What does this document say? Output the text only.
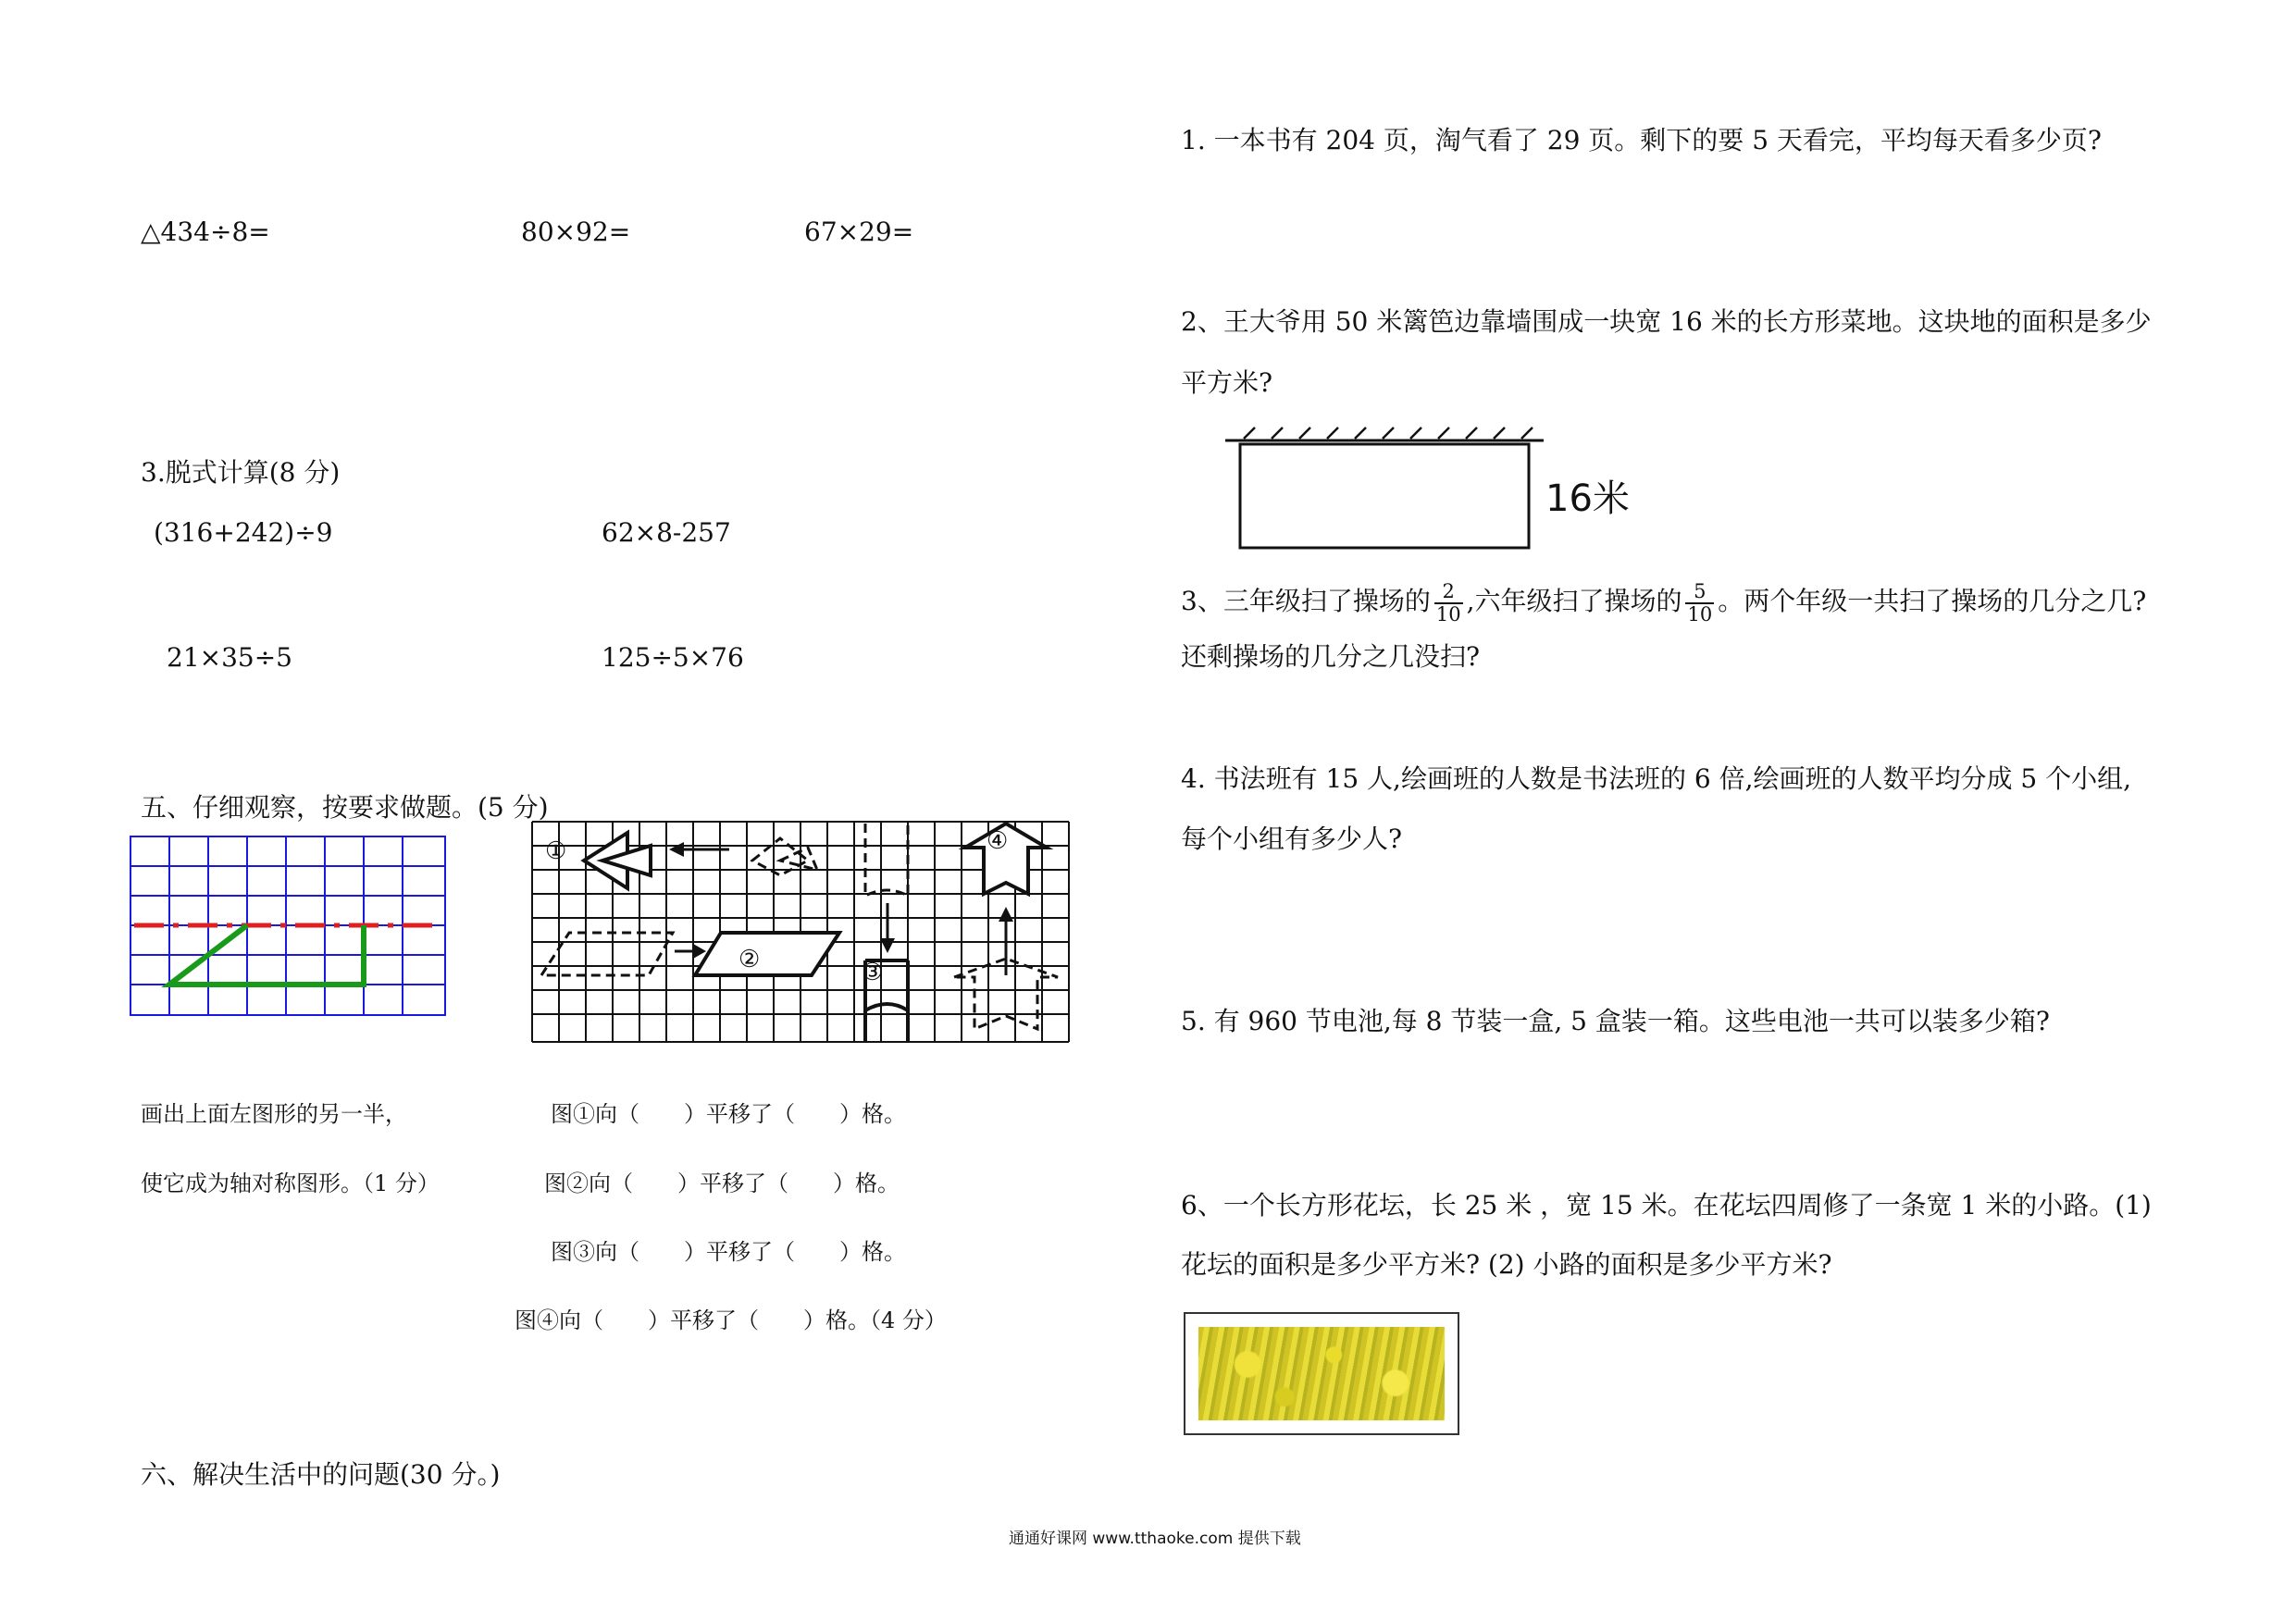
△434÷8=	80×92=	67×29=
3.脱式计算(8 分)
(316+242)÷9	62×8-257
21×35÷5	125÷5×76
五、仔细观察，按要求做题。(5 分)
①
②	③
④
画出上面左图形的另一半，
使它成为轴对称图形。（1 分）
图①向（　　）平移了（　　）格。
图②向（　　）平移了（　　）格。
图③向（　　）平移了（　　）格。
图④向（　　）平移了（　　）格。（4 分）
六、解决生活中的问题(30 分。)
1. 一本书有 204 页，淘气看了 29 页。剩下的要 5 天看完，平均每天看多少页?
2、王大爷用 50 米篱笆边靠墙围成一块宽 16 米的长方形菜地。这块地的面积是多少
平方米?
16米
3、三年级扫了操场的 $\frac{2}{10}$ ,六年级扫了操场的 $\frac{5}{10}$ 。两个年级一共扫了操场的几分之几?
还剩操场的几分之几没扫?
4. 书法班有 15 人,绘画班的人数是书法班的 6 倍,绘画班的人数平均分成 5 个小组,
每个小组有多少人?
5. 有 960 节电池,每 8 节装一盒, 5 盒装一箱。这些电池一共可以装多少箱?
6、一个长方形花坛，长 25 米 ，宽 15 米。在花坛四周修了一条宽 1 米的小路。(1)
花坛的面积是多少平方米? (2) 小路的面积是多少平方米?
通通好课网 www.tthaoke.com 提供下载
